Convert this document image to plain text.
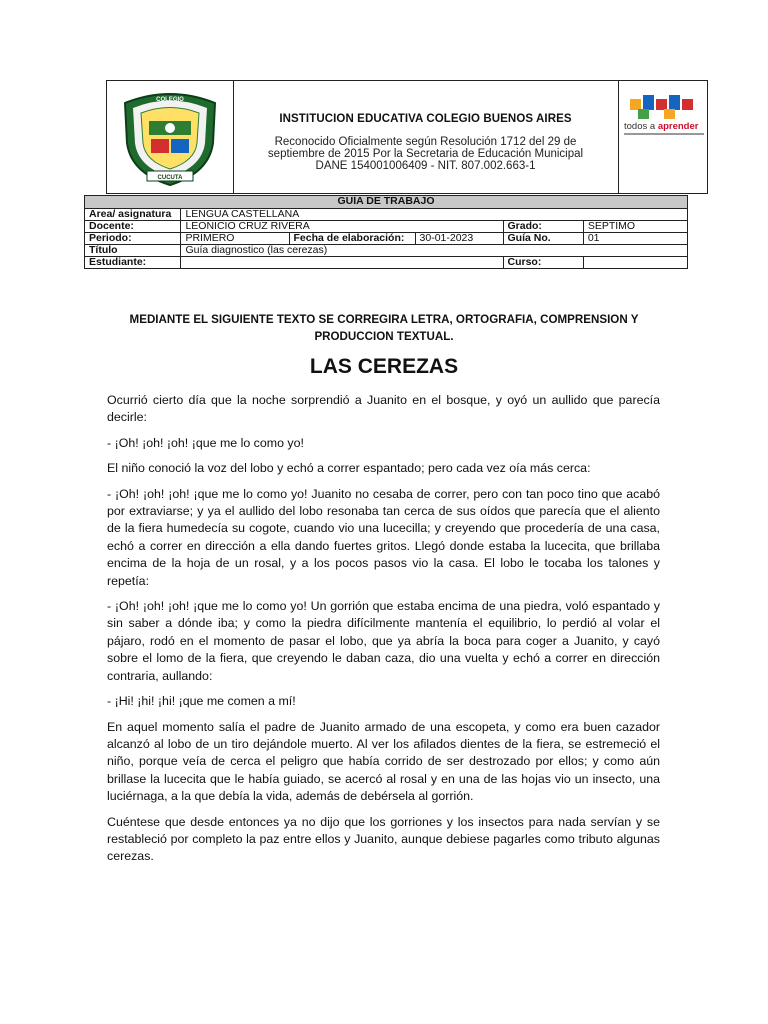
COLEGIO
CUCUTA
INSTITUCION EDUCATIVA COLEGIO BUENOS AIRES
Reconocido Oficialmente según Resolución 1712 del 29 de
septiembre de 2015 Por la Secretaria de Educación Municipal
DANE 154001006409 - NIT. 807.002.663-1
todos a aprender
GUÍA DE TRABAJO					
Area/ asignatura	LENGUA CASTELLANA				
Docente:	LEONICIO CRUZ RIVERA			Grado:	SEPTIMO
Periodo:	PRIMERO	Fecha de elaboración:	30-01-2023	Guía No.	01
Título	Guía diagnostico (las cerezas)				
Estudiante:				Curso:	
MEDIANTE EL SIGUIENTE TEXTO SE CORREGIRA LETRA, ORTOGRAFIA, COMPRENSION Y PRODUCCION TEXTUAL.
LAS CEREZAS

Ocurrió cierto día que la noche sorprendió a Juanito en el bosque, y oyó un aullido que parecía decirle:

- ¡Oh! ¡oh! ¡oh! ¡que me lo como yo!

El niño conoció la voz del lobo y echó a correr espantado; pero cada vez oía más cerca:

- ¡Oh! ¡oh! ¡oh! ¡que me lo como yo! Juanito no cesaba de correr, pero con tan poco tino que acabó por extraviarse; y ya el aullido del lobo resonaba tan cerca de sus oídos que parecía que el aliento de la fiera humedecía su cogote, cuando vio una lucecilla; y creyendo que procedería de una casa, echó a correr en dirección a ella dando fuertes gritos. Llegó donde estaba la lucecita, que brillaba encima de la hoja de un rosal, y a los pocos pasos vio la casa. El lobo le tocaba los talones y repetía:

- ¡Oh! ¡oh! ¡oh! ¡que me lo como yo! Un gorrión que estaba encima de una piedra, voló espantado y sin saber a dónde iba; y como la piedra difícilmente mantenía el equilibrio, lo perdió al volar el pájaro, rodó en el momento de pasar el lobo, que ya abría la boca para coger a Juanito, y cayó sobre el lomo de la fiera, que creyendo le daban caza, dio una vuelta y echó a correr en dirección contraria, aullando:

- ¡Hi! ¡hi! ¡hi! ¡que me comen a mí!

En aquel momento salía el padre de Juanito armado de una escopeta, y como era buen cazador alcanzó al lobo de un tiro dejándole muerto. Al ver los afilados dientes de la fiera, se estremeció el niño, porque veía de cerca el peligro que había corrido de ser destrozado por ellos; y como aún brillase la lucecita que le había guiado, se acercó al rosal y en una de las hojas vio un insecto, una luciérnaga, a la que debía la vida, además de debérsela al gorrión.

Cuéntese que desde entonces ya no dijo que los gorriones y los insectos para nada servían y se restableció por completo la paz entre ellos y Juanito, aunque debiese pagarles como tributo algunas cerezas.
